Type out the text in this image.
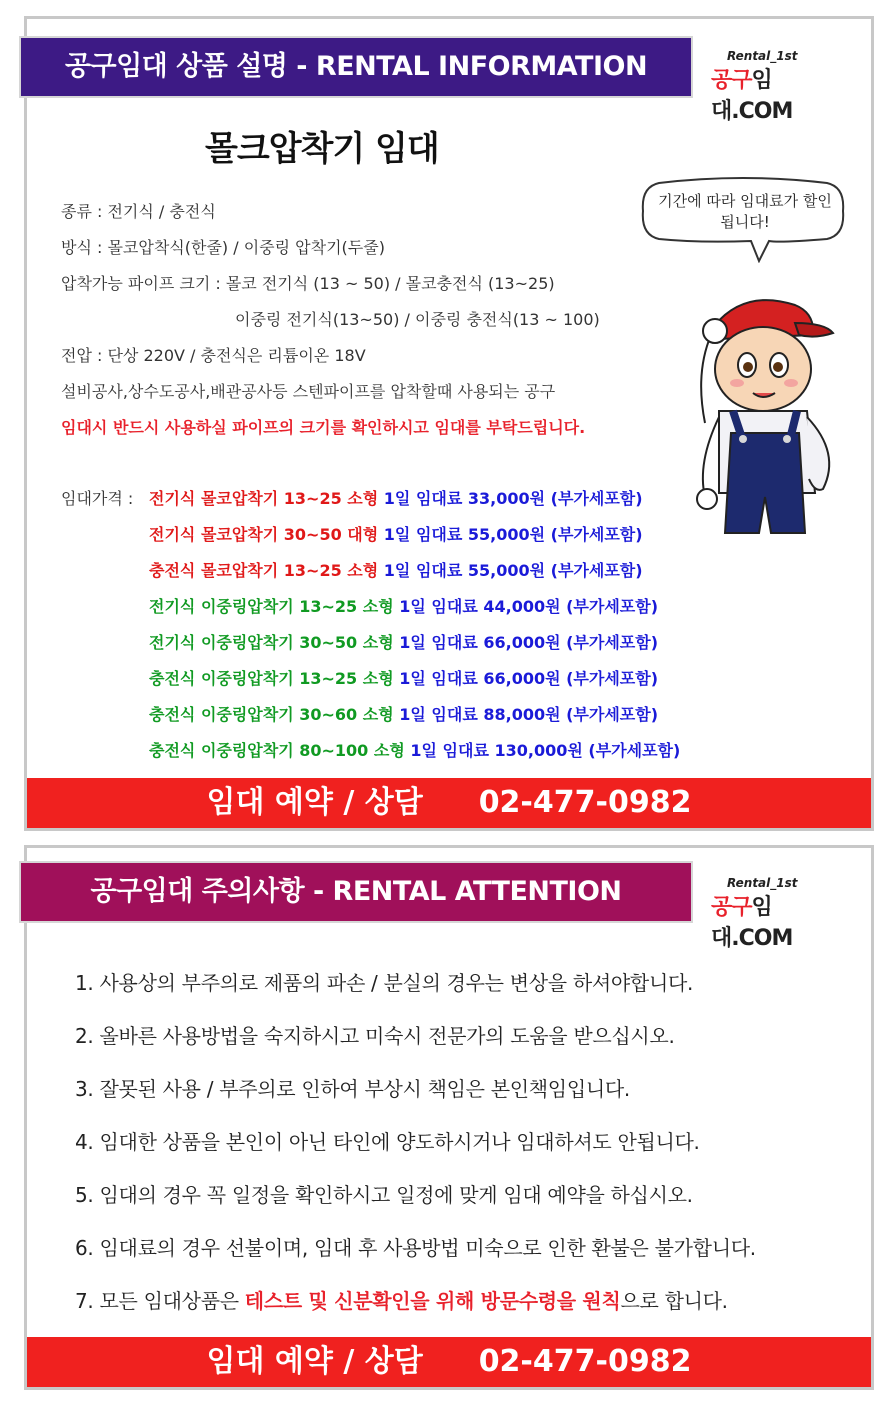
공구임대 상품 설명 - RENTAL INFORMATION	Rental_1st
공구임대.COM
몰크압착기 임대
종류 : 전기식 / 충전식
방식 : 몰코압착식(한줄) / 이중링 압착기(두줄)
압착가능 파이프 크기 : 몰코 전기식 (13 ~ 50) / 몰코충전식 (13~25)
이중링 전기식(13~50) / 이중링 충전식(13 ~ 100)
전압 : 단상 220V / 충전식은 리튬이온 18V
설비공사,상수도공사,배관공사등 스텐파이프를 압착할때 사용되는 공구
임대시 반드시 사용하실 파이프의 크기를 확인하시고 임대를 부탁드립니다.
기간에 따라 임대료가 할인됩니다!
임대가격 : 전기식 몰코압착기 13~25 소형 1일 임대료 33,000원 (부가세포함)
전기식 몰코압착기 30~50 대형 1일 임대료 55,000원 (부가세포함)
충전식 몰코압착기 13~25 소형 1일 임대료 55,000원 (부가세포함)
전기식 이중링압착기 13~25 소형 1일 임대료 44,000원 (부가세포함)
전기식 이중링압착기 30~50 소형 1일 임대료 66,000원 (부가세포함)
충전식 이중링압착기 13~25 소형 1일 임대료 66,000원 (부가세포함)
충전식 이중링압착기 30~60 소형 1일 임대료 88,000원 (부가세포함)
충전식 이중링압착기 80~100 소형 1일 임대료 130,000원 (부가세포함)
임대 예약 / 상담 02-477-0982
공구임대 주의사항 - RENTAL ATTENTION	Rental_1st
공구임대.COM
1. 사용상의 부주의로 제품의 파손 / 분실의 경우는 변상을 하셔야합니다.
2. 올바른 사용방법을 숙지하시고 미숙시 전문가의 도움을 받으십시오.
3. 잘못된 사용 / 부주의로 인하여 부상시 책임은 본인책임입니다.
4. 임대한 상품을 본인이 아닌 타인에 양도하시거나 임대하셔도 안됩니다.
5. 임대의 경우 꼭 일정을 확인하시고 일정에 맞게 임대 예약을 하십시오.
6. 임대료의 경우 선불이며, 임대 후 사용방법 미숙으로 인한 환불은 불가합니다.
7. 모든 임대상품은 테스트 및 신분확인을 위해 방문수령을 원칙으로 합니다.
임대 예약 / 상담 02-477-0982
